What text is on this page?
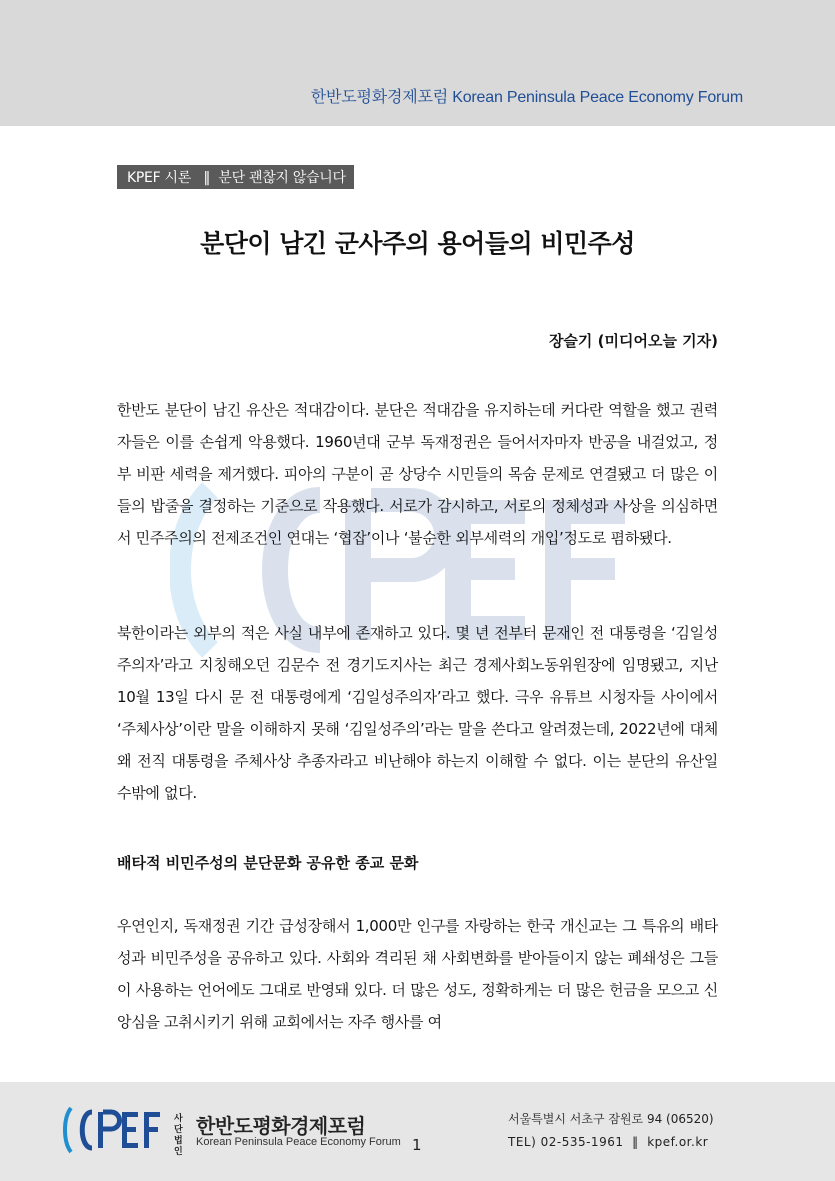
한반도평화경제포럼 Korean Peninsula Peace Economy Forum
KPEF 시론   ‖  분단 괜찮지 않습니다
분단이 남긴 군사주의 용어들의 비민주성
장슬기 (미디어오늘 기자)

한반도 분단이 남긴 유산은 적대감이다. 분단은 적대감을 유지하는데 커다란 역할을 했고 권력자들은 이를 손쉽게 악용했다. 1960년대 군부 독재정권은 들어서자마자 반공을 내걸었고, 정부 비판 세력을 제거했다. 피아의 구분이 곧 상당수 시민들의 목숨 문제로 연결됐고 더 많은 이들의 밥줄을 결정하는 기준으로 작용했다. 서로가 감시하고, 서로의 정체성과 사상을 의심하면서 민주주의의 전제조건인 연대는 ‘협잡’이나 ‘불순한 외부세력의 개입’정도로 폄하됐다.

북한이라는 외부의 적은 사실 내부에 존재하고 있다. 몇 년 전부터 문재인 전 대통령을 ‘김일성주의자’라고 지칭해오던 김문수 전 경기도지사는 최근 경제사회노동위원장에 임명됐고, 지난 10월 13일 다시 문 전 대통령에게 ‘김일성주의자’라고 했다. 극우 유튜브 시청자들 사이에서 ‘주체사상’이란 말을 이해하지 못해 ‘김일성주의’라는 말을 쓴다고 알려졌는데, 2022년에 대체 왜 전직 대통령을 주체사상 추종자라고 비난해야 하는지 이해할 수 없다. 이는 분단의 유산일 수밖에 없다.

배타적 비민주성의 분단문화 공유한 종교 문화

우연인지, 독재정권 기간 급성장해서 1,000만 인구를 자랑하는 한국 개신교는 그 특유의 배타성과 비민주성을 공유하고 있다. 사회와 격리된 채 사회변화를 받아들이지 않는 폐쇄성은 그들이 사용하는 언어에도 그대로 반영돼 있다. 더 많은 성도, 정확하게는 더 많은 헌금을 모으고 신앙심을 고취시키기 위해 교회에서는 자주 행사를 여

사단법인
한반도평화경제포럼
Korean Peninsula Peace Economy Forum 1
서울특별시 서초구 잠원로 94 (06520)
TEL) 02-535-1961  ‖  kpef.or.kr
